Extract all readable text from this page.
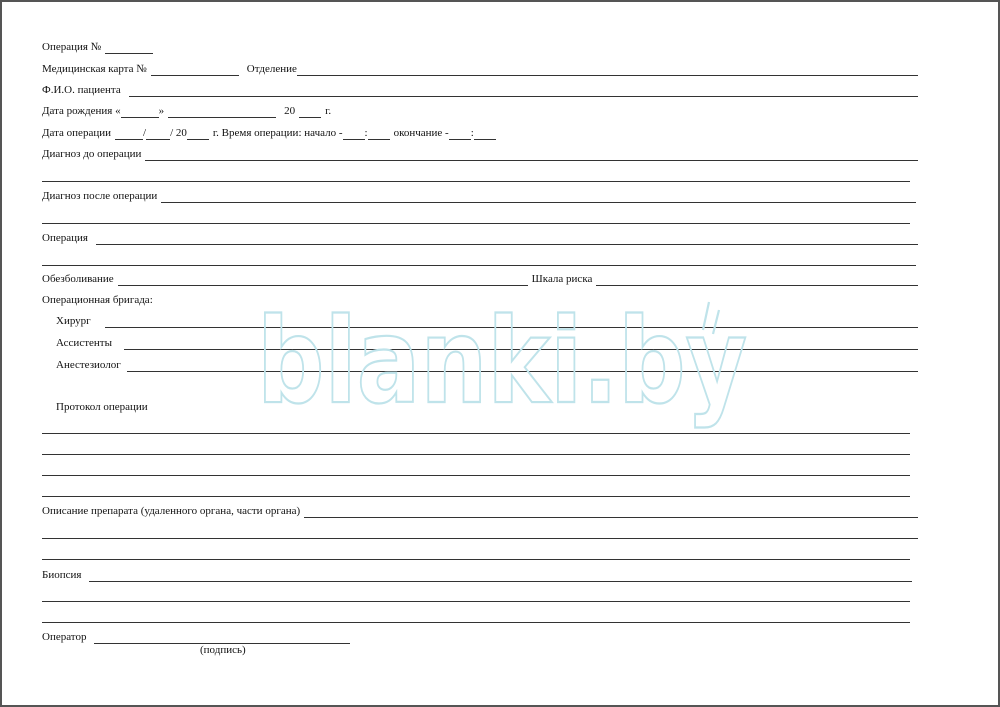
Операция №
Медицинская карта №	Отделение
Ф.И.О. пациента
Дата рождения «	»	20	г.
Дата операции	/ / 20 г. Время операции: начало - : окончание - :
Диагноз до операции
Диагноз после операции
Операция
Обезболивание	Шкала риска
Операционная бригада:
Хирург
Ассистенты
Анестезиолог
Протокол операции
Описание препарата (удаленного органа, части органа)
Биопсия
Оператор
(подпись)
blanki.by
